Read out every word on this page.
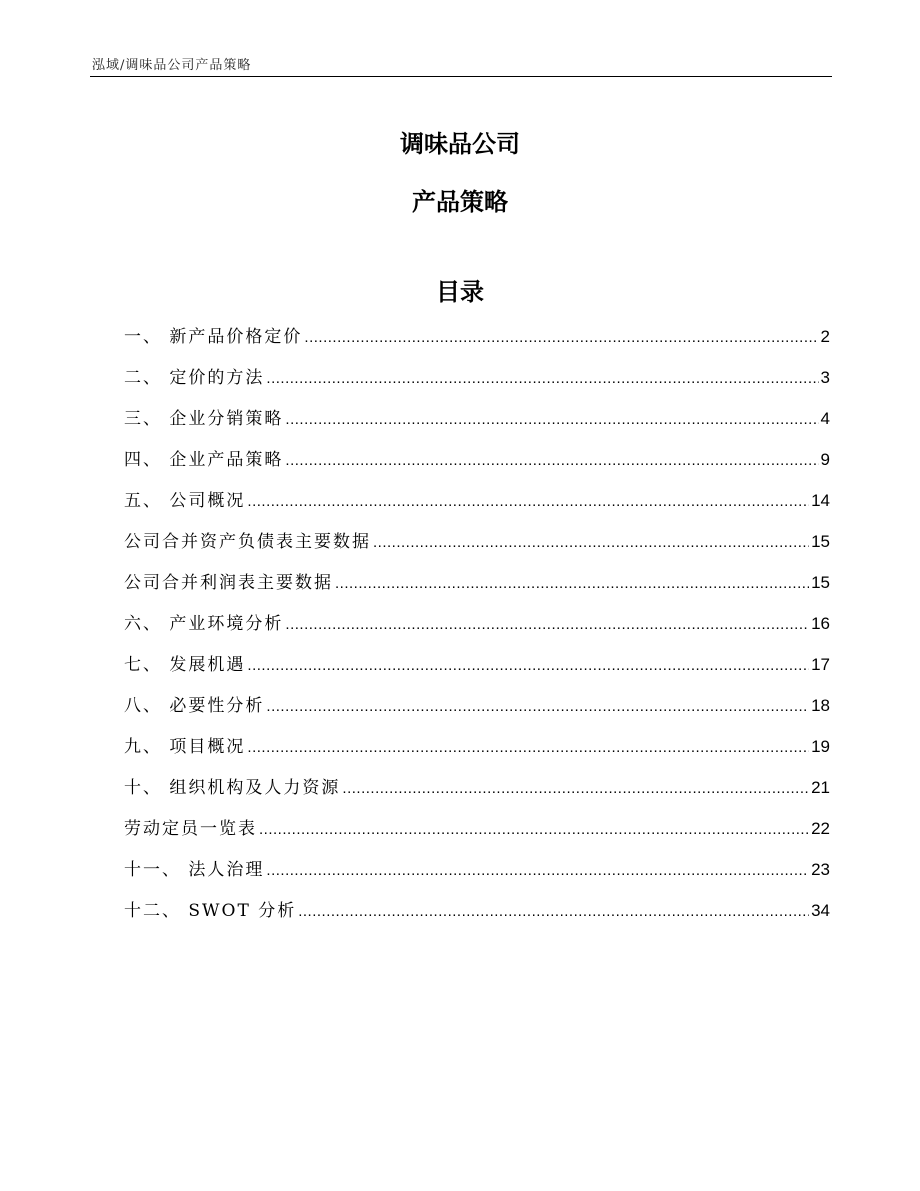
泓域/调味品公司产品策略
调味品公司
产品策略
目录
一、 新产品价格定价 .....	2
二、 定价的方法 .....	3
三、 企业分销策略 .....	4
四、 企业产品策略 .....	9
五、 公司概况 .....	14
公司合并资产负债表主要数据 .....	15
公司合并利润表主要数据 .....	15
六、 产业环境分析 .....	16
七、 发展机遇 .....	17
八、 必要性分析 .....	18
九、 项目概况 .....	19
十、 组织机构及人力资源 .....	21
劳动定员一览表 .....	22
十一、 法人治理 .....	23
十二、 SWOT 分析 .....	34
